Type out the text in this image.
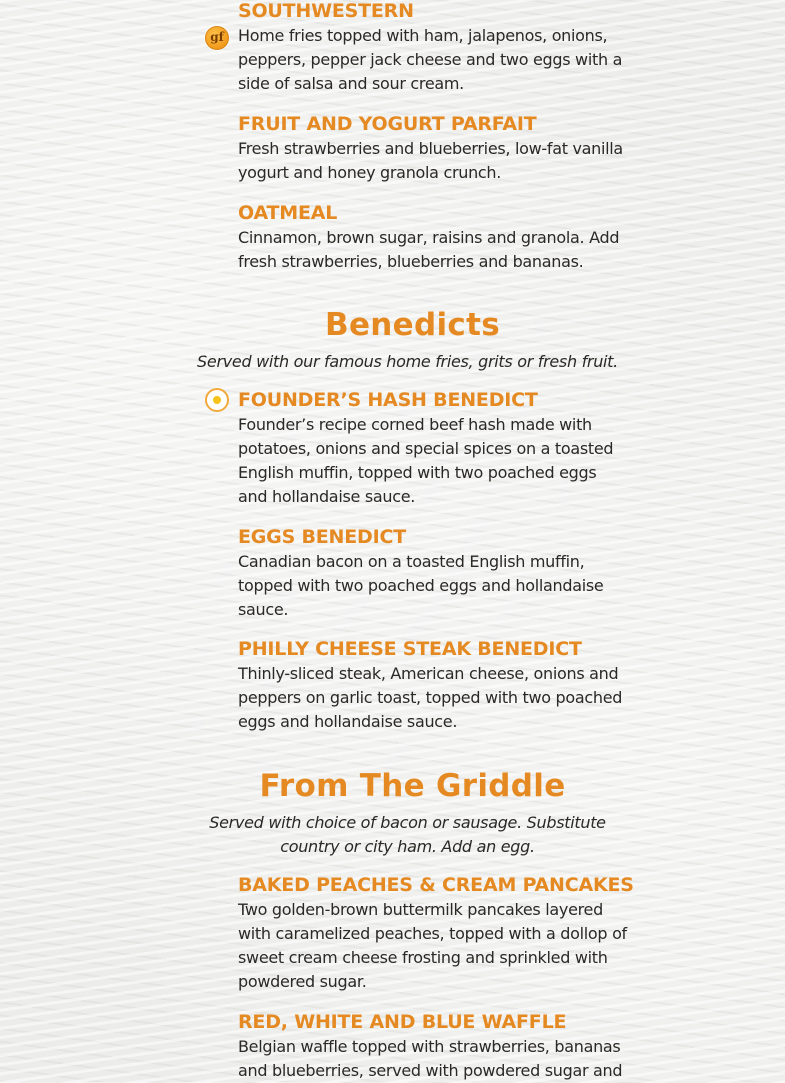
SOUTHWESTERN
Home fries topped with ham, jalapenos, onions, peppers, pepper jack cheese and two eggs with a side of salsa and sour cream.
gf
FRUIT AND YOGURT PARFAIT
Fresh strawberries and blueberries, low-fat vanilla yogurt and honey granola crunch.
OATMEAL
Cinnamon, brown sugar, raisins and granola. Add fresh strawberries, blueberries and bananas.
Benedicts
Served with our famous home fries, grits or fresh fruit.
FOUNDER’S HASH BENEDICT
Founder’s recipe corned beef hash made with potatoes, onions and special spices on a toasted English muffin, topped with two poached eggs and hollandaise sauce.
EGGS BENEDICT
Canadian bacon on a toasted English muffin, topped with two poached eggs and hollandaise sauce.
PHILLY CHEESE STEAK BENEDICT
Thinly-sliced steak, American cheese, onions and peppers on garlic toast, topped with two poached eggs and hollandaise sauce.
From The Griddle
Served with choice of bacon or sausage. Substitute country or city ham. Add an egg.
BAKED PEACHES & CREAM PANCAKES
Two golden-brown buttermilk pancakes layered with caramelized peaches, topped with a dollop of sweet cream cheese frosting and sprinkled with powdered sugar.
RED, WHITE AND BLUE WAFFLE
Belgian waffle topped with strawberries, bananas and blueberries, served with powdered sugar and
